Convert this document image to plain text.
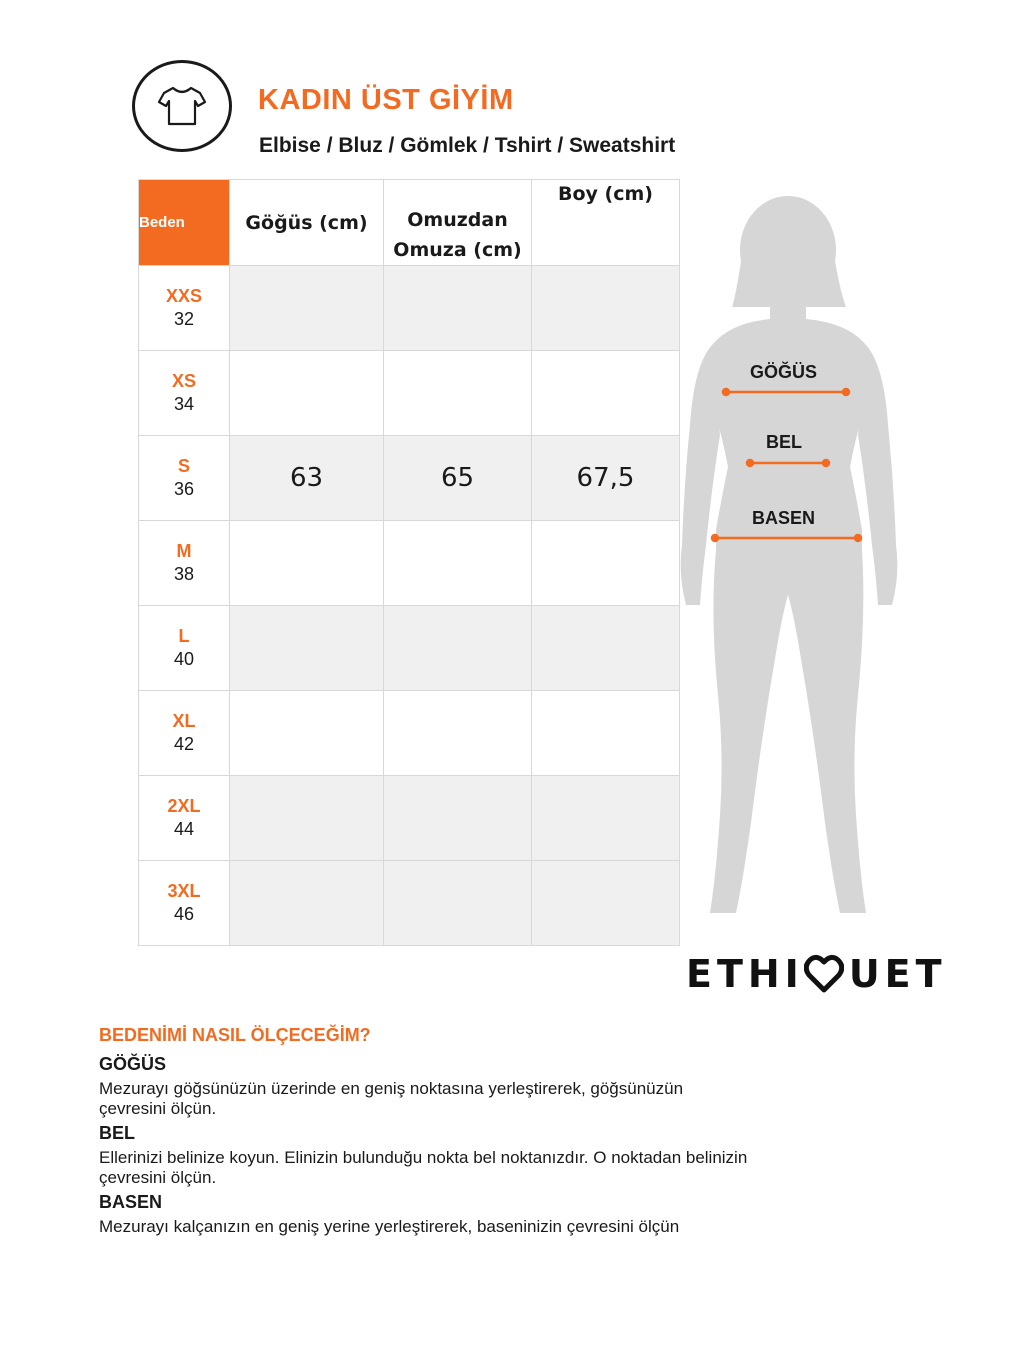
KADIN ÜST GİYİM
Elbise / Bluz / Gömlek / Tshirt / Sweatshirt
Beden	Göğüs (cm)	Omuzdan
Omuza (cm)	Boy (cm)

XXS
32			

XS
34			

S
36	63	65	67,5

M
38			

L
40			

XL
42			

2XL
44			

3XL
46			

GÖĞÜS
BEL
BASEN
ETHI UET
BEDENİMİ NASIL ÖLÇECEĞİM?
GÖĞÜS
Mezurayı göğsünüzün üzerinde en geniş noktasına yerleştirerek, göğsünüzün çevresini ölçün.
BEL
Ellerinizi belinize koyun. Elinizin bulunduğu nokta bel noktanızdır. O noktadan belinizin çevresini ölçün.
BASEN
Mezurayı kalçanızın en geniş yerine yerleştirerek, baseninizin çevresini ölçün
